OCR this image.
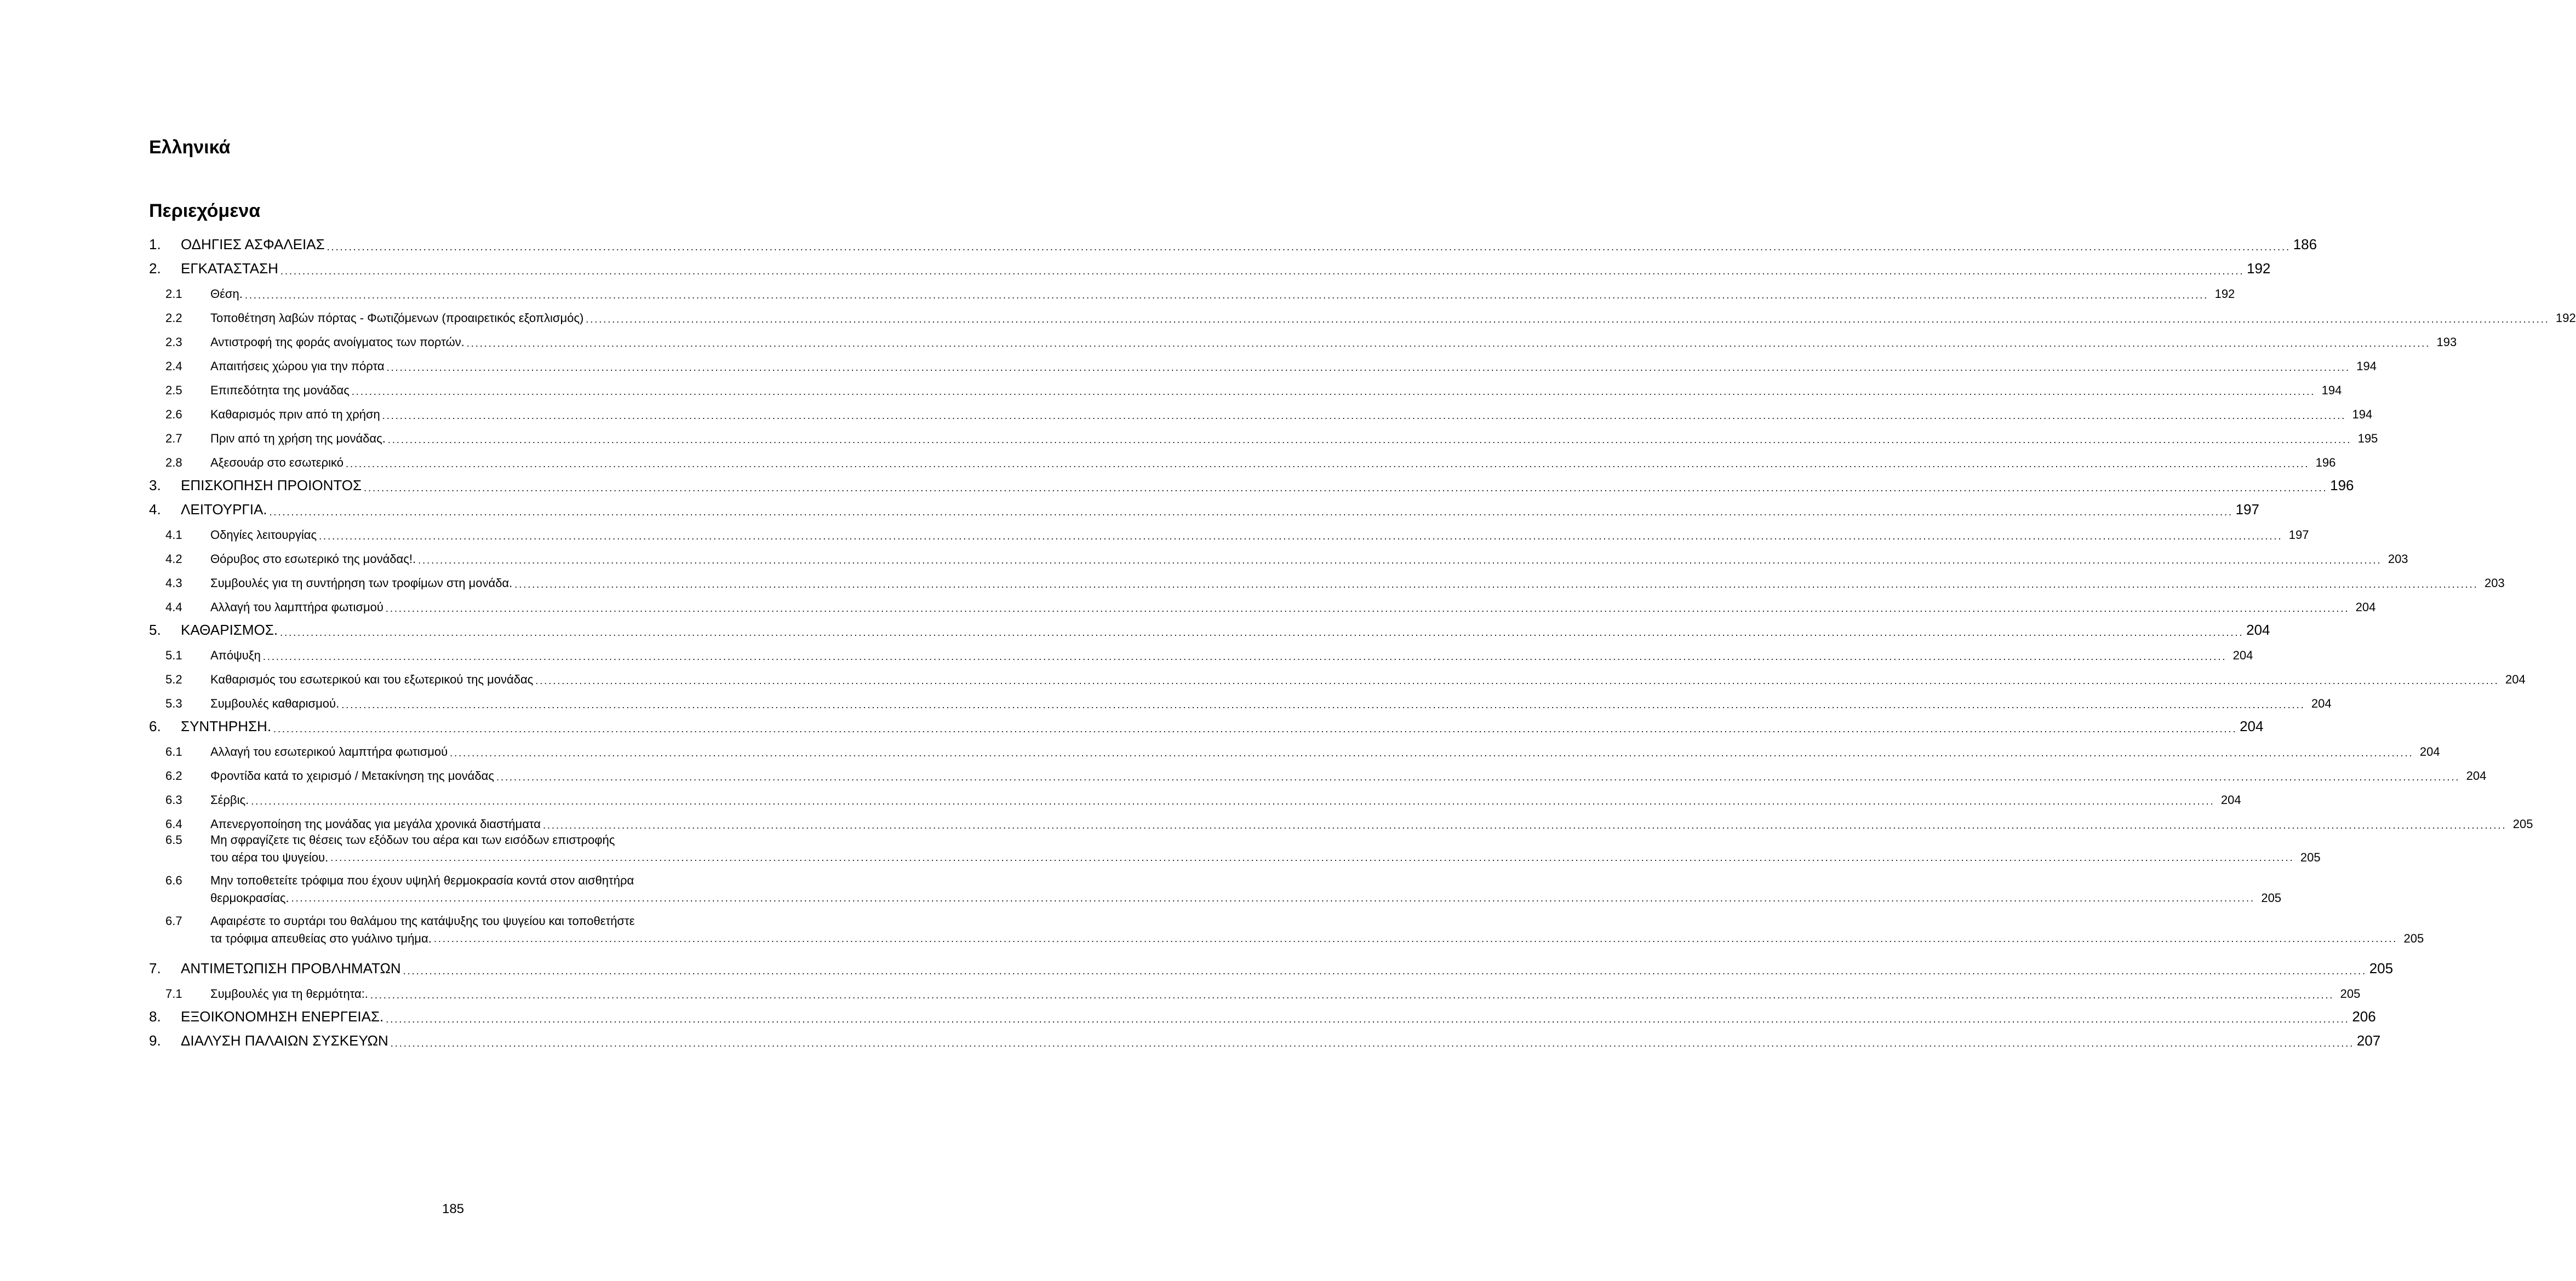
Ελληνικά
Περιεχόμενα
1.	ΟΔΗΓΙΕΣ ΑΣΦΑΛΕΙΑΣ .....	186
2.	ΕΓΚΑΤΑΣΤΑΣΗ .....	192
2.1	Θέση. .....	192
2.2	Τοποθέτηση λαβών πόρτας - Φωτιζόμενων (προαιρετικός εξοπλισμός) .....	192
2.3	Αντιστροφή της φοράς ανοίγματος των πορτών. .....	193
2.4	Απαιτήσεις χώρου για την πόρτα .....	194
2.5	Επιπεδότητα της μονάδας .....	194
2.6	Καθαρισμός πριν από τη χρήση .....	194
2.7	Πριν από τη χρήση της μονάδας. .....	195
2.8	Αξεσουάρ στο εσωτερικό .....	196
3.	ΕΠΙΣΚΟΠΗΣΗ ΠΡΟΙΟΝΤΟΣ .....	196
4.	ΛΕΙΤΟΥΡΓΙΑ. .....	197
4.1	Οδηγίες λειτουργίας .....	197
4.2	Θόρυβος στο εσωτερικό της μονάδας!. .....	203
4.3	Συμβουλές για τη συντήρηση των τροφίμων στη μονάδα. .....	203
4.4	Αλλαγή του λαμπτήρα φωτισμού .....	204
5.	ΚΑΘΑΡΙΣΜΟΣ. .....	204
5.1	Απόψυξη .....	204
5.2	Καθαρισμός του εσωτερικού και του εξωτερικού της μονάδας .....	204
5.3	Συμβουλές καθαρισμού. .....	204
6.	ΣΥΝΤΗΡΗΣΗ. .....	204
6.1	Αλλαγή του εσωτερικού λαμπτήρα φωτισμού .....	204
6.2	Φροντίδα κατά το χειρισμό / Μετακίνηση της μονάδας .....	204
6.3	Σέρβις. .....	204
6.4	Απενεργοποίηση της μονάδας για μεγάλα χρονικά διαστήματα .....	205
6.5	Μη σφραγίζετε τις θέσεις των εξόδων του αέρα και των εισόδων επιστροφής
του αέρα του ψυγείου. .....	205
6.6	Μην τοποθετείτε τρόφιμα που έχουν υψηλή θερμοκρασία κοντά στον αισθητήρα
θερμοκρασίας. .....	205
6.7	Αφαιρέστε το συρτάρι του θαλάμου της κατάψυξης του ψυγείου και τοποθετήστε
τα τρόφιμα απευθείας στο γυάλινο τμήμα. .....	205
7.	ΑΝΤΙΜΕΤΩΠΙΣΗ ΠΡΟΒΛΗΜΑΤΩΝ .....	205
7.1	Συμβουλές για τη θερμότητα:. .....	205
8.	ΕΞΟΙΚΟΝΟΜΗΣΗ ΕΝΕΡΓΕΙΑΣ. .....	206
9.	ΔΙΑΛΥΣΗ ΠΑΛΑΙΩΝ ΣΥΣΚΕΥΩΝ .....	207
185
